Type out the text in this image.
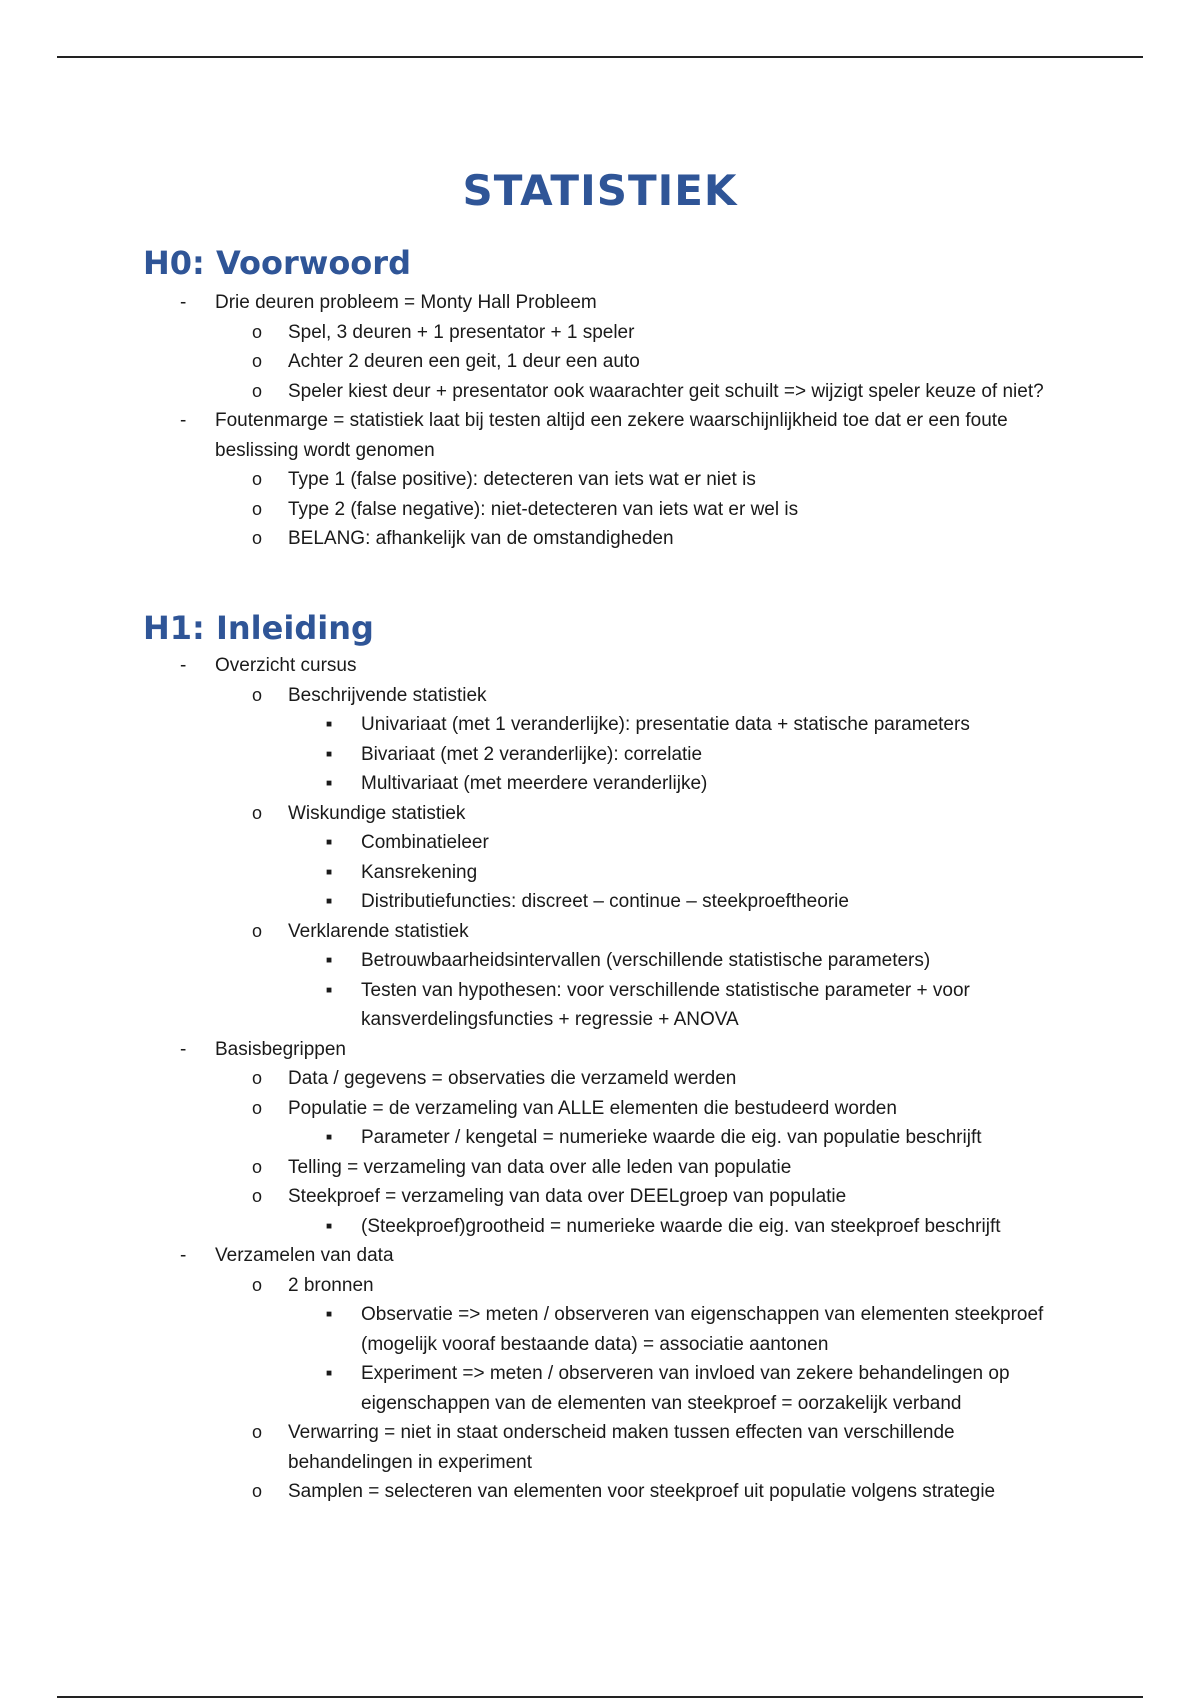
STATISTIEK
H0: Voorwoord
- Drie deuren probleem = Monty Hall Probleem
o Spel, 3 deuren + 1 presentator + 1 speler
o Achter 2 deuren een geit, 1 deur een auto
o Speler kiest deur + presentator ook waarachter geit schuilt => wijzigt speler keuze of niet?
- Foutenmarge = statistiek laat bij testen altijd een zekere waarschijnlijkheid toe dat er een foute beslissing wordt genomen
o Type 1 (false positive): detecteren van iets wat er niet is
o Type 2 (false negative): niet-detecteren van iets wat er wel is
o BELANG: afhankelijk van de omstandigheden
H1: Inleiding
- Overzicht cursus
o Beschrijvende statistiek
■ Univariaat (met 1 veranderlijke): presentatie data + statische parameters
■ Bivariaat (met 2 veranderlijke): correlatie
■ Multivariaat (met meerdere veranderlijke)
o Wiskundige statistiek
■ Combinatieleer
■ Kansrekening
■ Distributiefuncties: discreet – continue – steekproeftheorie
o Verklarende statistiek
■ Betrouwbaarheidsintervallen (verschillende statistische parameters)
■ Testen van hypothesen: voor verschillende statistische parameter + voor kansverdelingsfuncties + regressie + ANOVA
- Basisbegrippen
o Data / gegevens = observaties die verzameld werden
o Populatie = de verzameling van ALLE elementen die bestudeerd worden
■ Parameter / kengetal = numerieke waarde die eig. van populatie beschrijft
o Telling = verzameling van data over alle leden van populatie
o Steekproef = verzameling van data over DEELgroep van populatie
■ (Steekproef)grootheid = numerieke waarde die eig. van steekproef beschrijft
- Verzamelen van data
o 2 bronnen
■ Observatie => meten / observeren van eigenschappen van elementen steekproef (mogelijk vooraf bestaande data) = associatie aantonen
■ Experiment => meten / observeren van invloed van zekere behandelingen op eigenschappen van de elementen van steekproef = oorzakelijk verband
o Verwarring = niet in staat onderscheid maken tussen effecten van verschillende behandelingen in experiment
o Samplen = selecteren van elementen voor steekproef uit populatie volgens strategie
